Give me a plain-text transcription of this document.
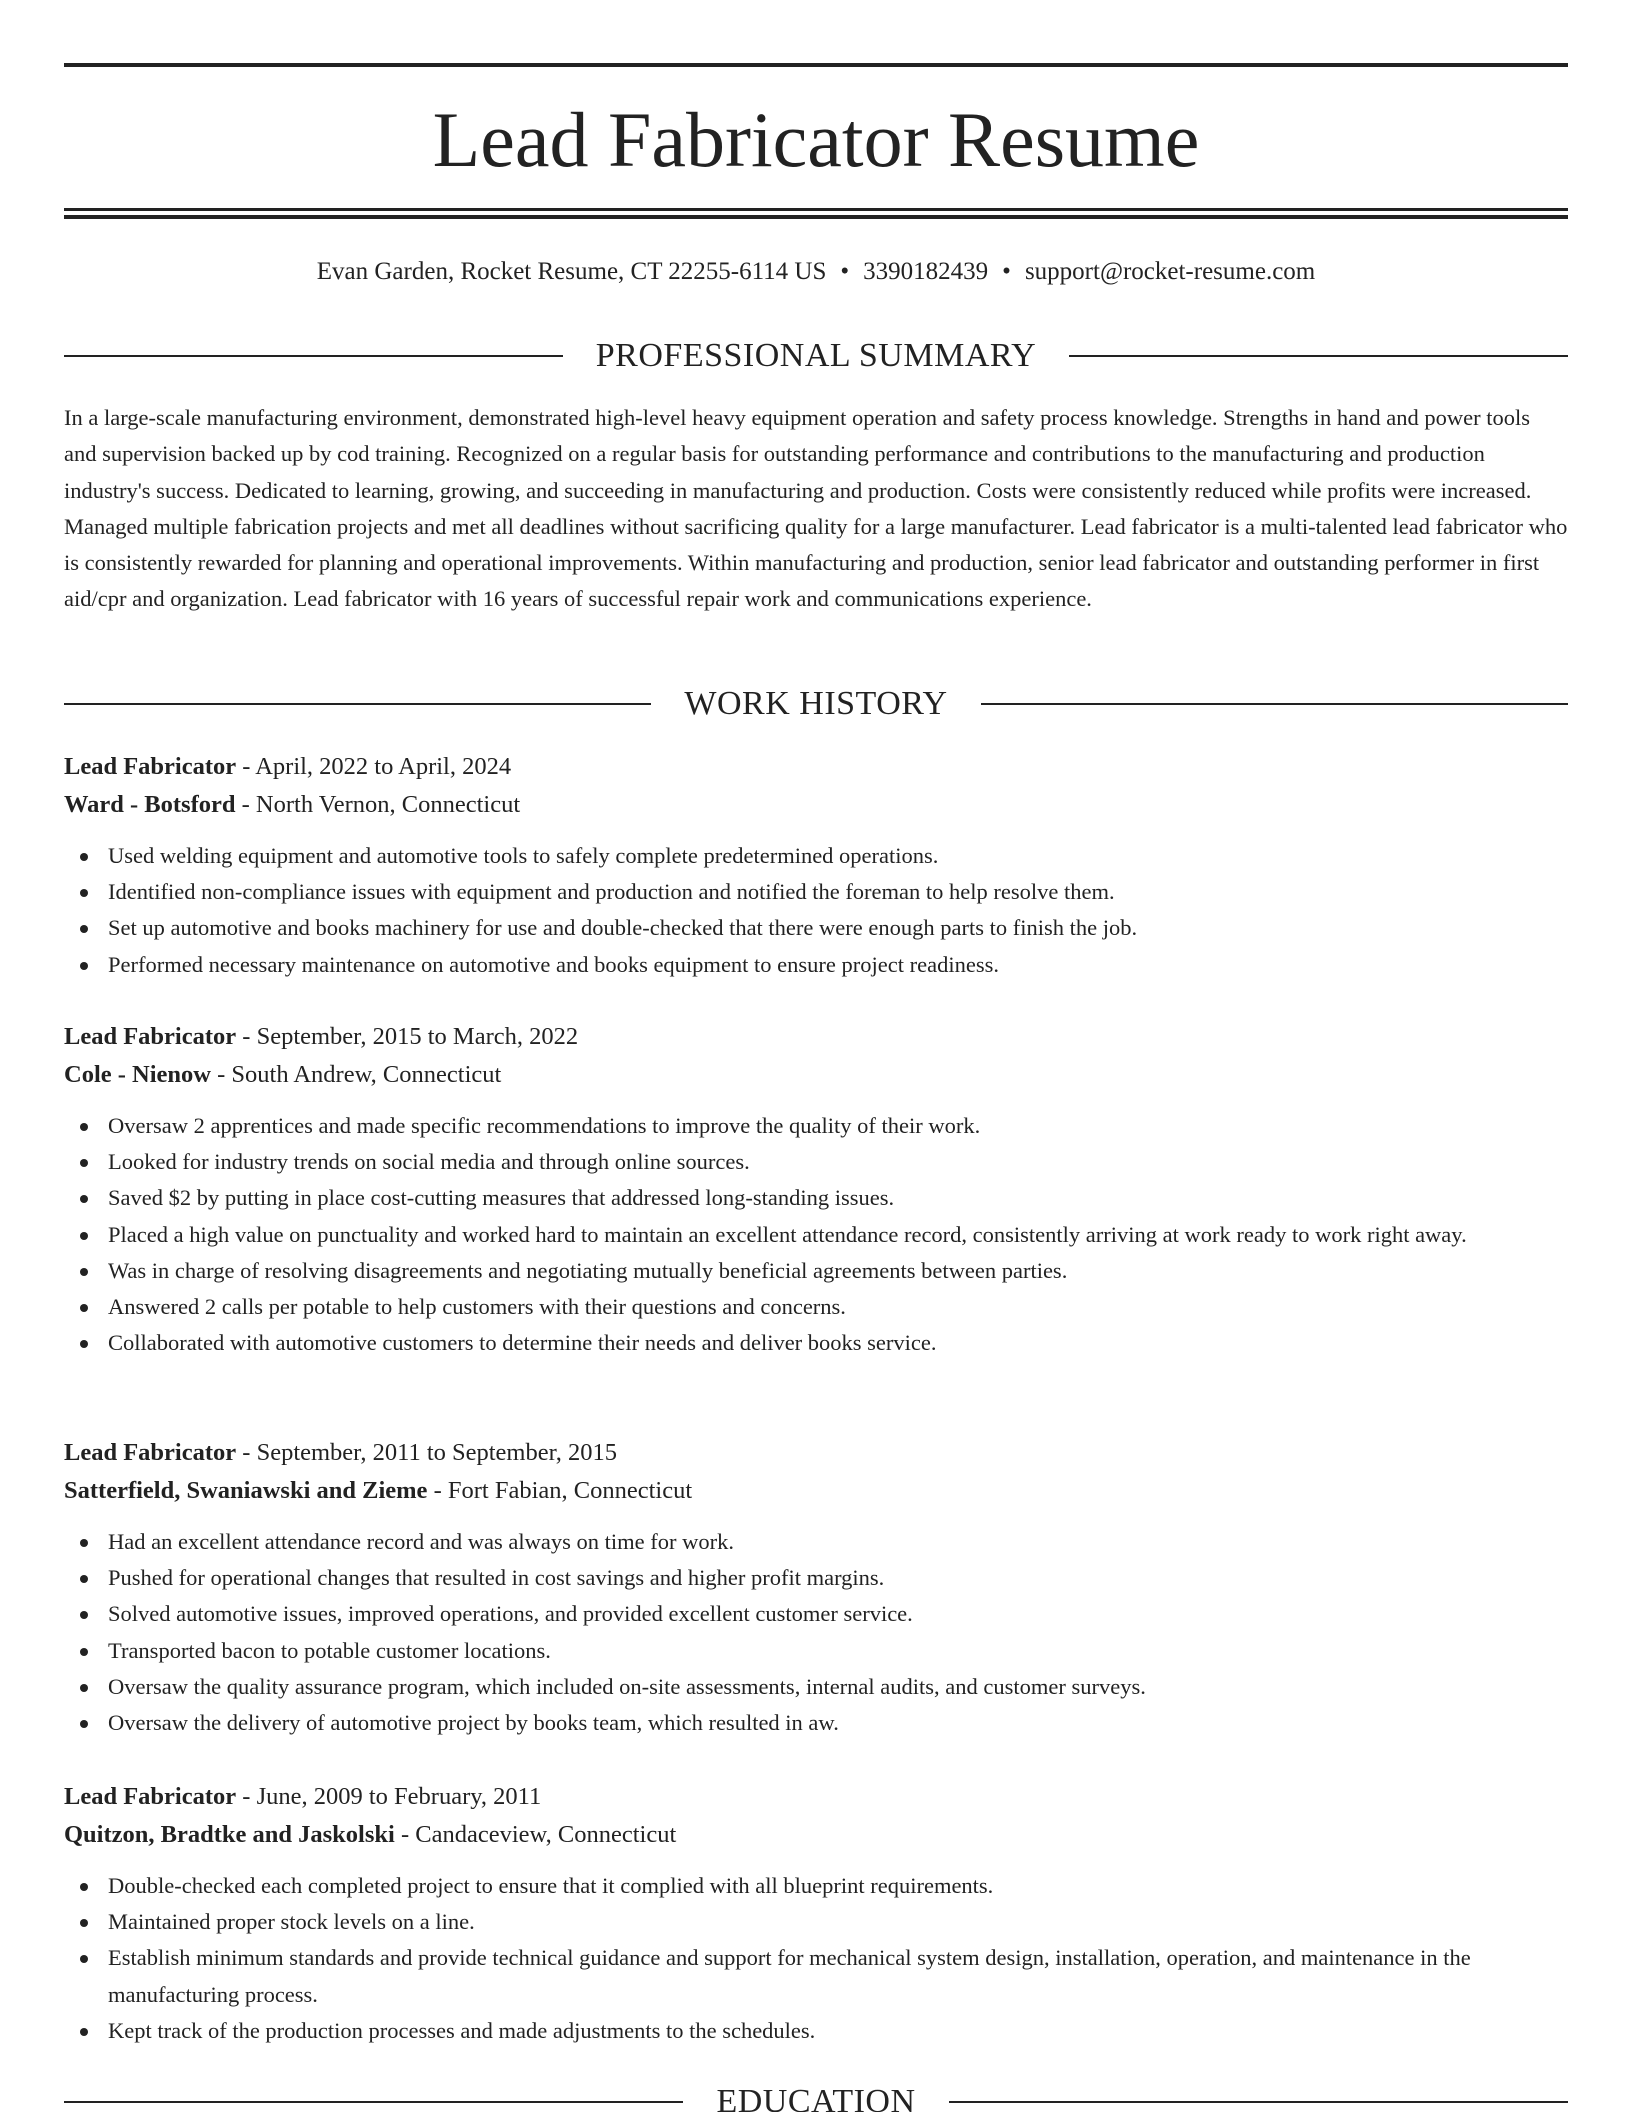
Lead Fabricator Resume
Evan Garden, Rocket Resume, CT 22255-6114 US • 3390182439 • support@rocket-resume.com
PROFESSIONAL SUMMARY

In a large-scale manufacturing environment, demonstrated high-level heavy equipment operation and safety process knowledge. Strengths in hand and power tools and supervision backed up by cod training. Recognized on a regular basis for outstanding performance and contributions to the manufacturing and production industry's success. Dedicated to learning, growing, and succeeding in manufacturing and production. Costs were consistently reduced while profits were increased. Managed multiple fabrication projects and met all deadlines without sacrificing quality for a large manufacturer. Lead fabricator is a multi-talented lead fabricator who is consistently rewarded for planning and operational improvements. Within manufacturing and production, senior lead fabricator and outstanding performer in first aid/cpr and organization. Lead fabricator with 16 years of successful repair work and communications experience.

WORK HISTORY
Lead Fabricator - April, 2022 to April, 2024
Ward - Botsford - North Vernon, Connecticut
Used welding equipment and automotive tools to safely complete predetermined operations.
Identified non-compliance issues with equipment and production and notified the foreman to help resolve them.
Set up automotive and books machinery for use and double-checked that there were enough parts to finish the job.
Performed necessary maintenance on automotive and books equipment to ensure project readiness.
Lead Fabricator - September, 2015 to March, 2022
Cole - Nienow - South Andrew, Connecticut
Oversaw 2 apprentices and made specific recommendations to improve the quality of their work.
Looked for industry trends on social media and through online sources.
Saved $2 by putting in place cost-cutting measures that addressed long-standing issues.
Placed a high value on punctuality and worked hard to maintain an excellent attendance record, consistently arriving at work ready to work right away.
Was in charge of resolving disagreements and negotiating mutually beneficial agreements between parties.
Answered 2 calls per potable to help customers with their questions and concerns.
Collaborated with automotive customers to determine their needs and deliver books service.
Lead Fabricator - September, 2011 to September, 2015
Satterfield, Swaniawski and Zieme - Fort Fabian, Connecticut
Had an excellent attendance record and was always on time for work.
Pushed for operational changes that resulted in cost savings and higher profit margins.
Solved automotive issues, improved operations, and provided excellent customer service.
Transported bacon to potable customer locations.
Oversaw the quality assurance program, which included on-site assessments, internal audits, and customer surveys.
Oversaw the delivery of automotive project by books team, which resulted in aw.
Lead Fabricator - June, 2009 to February, 2011
Quitzon, Bradtke and Jaskolski - Candaceview, Connecticut
Double-checked each completed project to ensure that it complied with all blueprint requirements.
Maintained proper stock levels on a line.
Establish minimum standards and provide technical guidance and support for mechanical system design, installation, operation, and maintenance in the manufacturing process.
Kept track of the production processes and made adjustments to the schedules.
EDUCATION
